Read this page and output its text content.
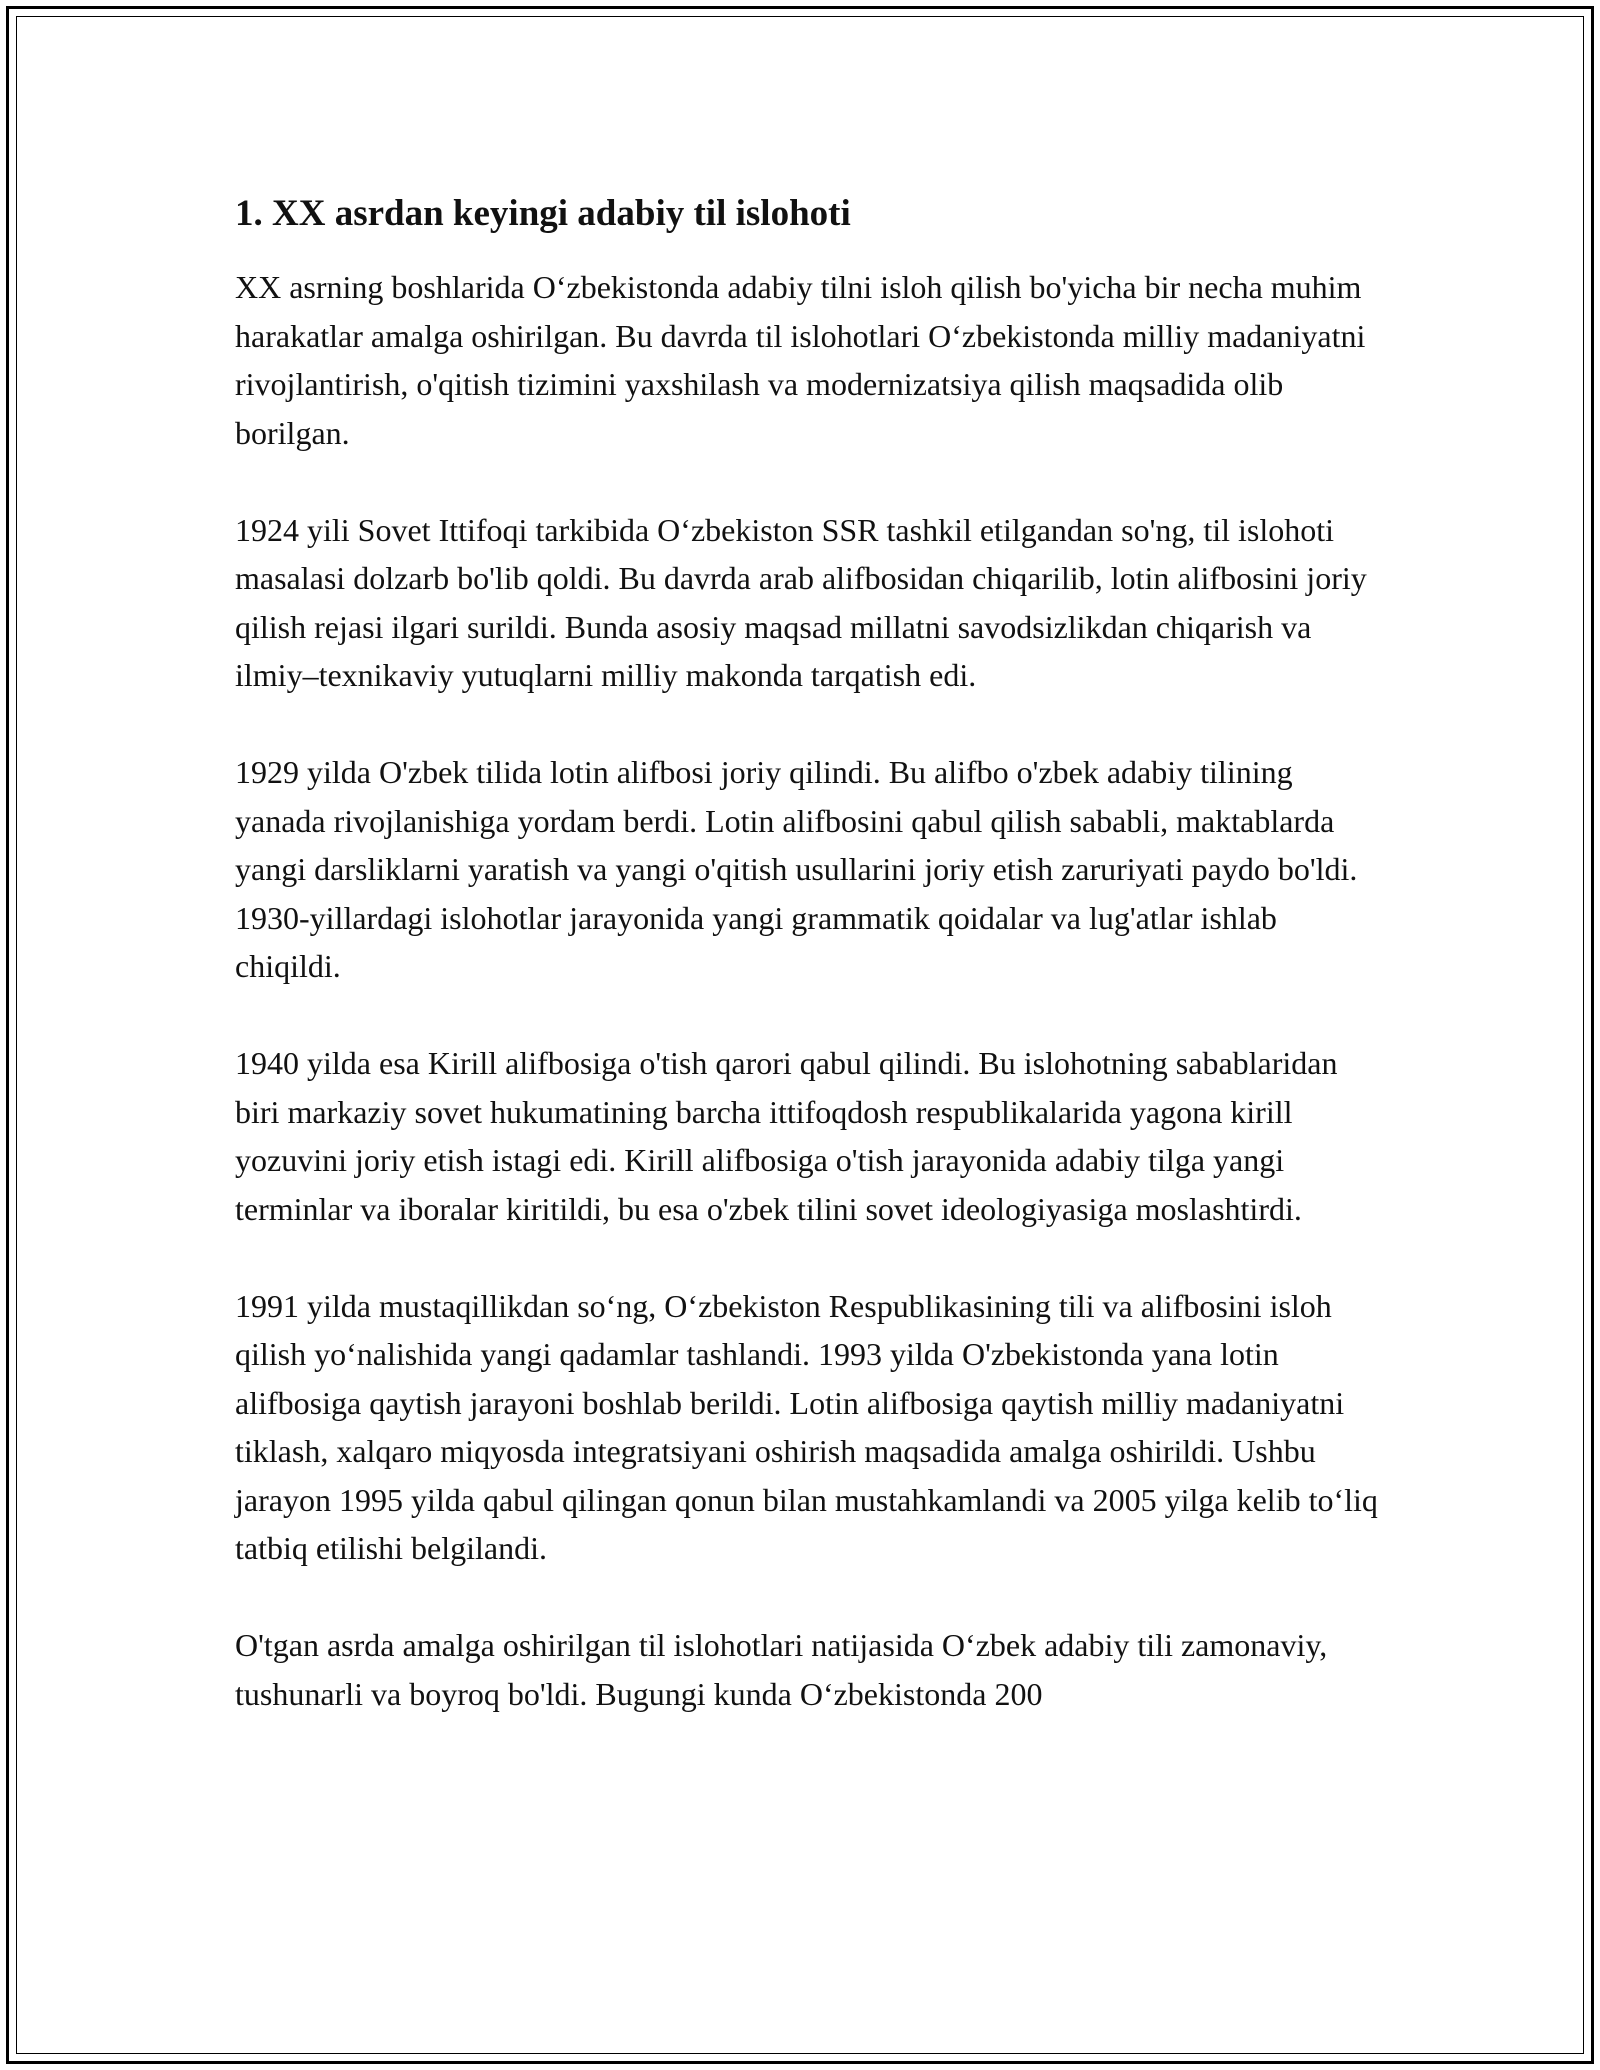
1. XX asrdan keyingi adabiy til islohoti

XX asrning boshlarida O‘zbekistonda adabiy tilni isloh qilish bo'yicha bir necha muhim harakatlar amalga oshirilgan. Bu davrda til islohotlari O‘zbekistonda milliy madaniyatni rivojlantirish, o'qitish tizimini yaxshilash va modernizatsiya qilish maqsadida olib borilgan.

1924 yili Sovet Ittifoqi tarkibida O‘zbekiston SSR tashkil etilgandan so'ng, til islohoti masalasi dolzarb bo'lib qoldi. Bu davrda arab alifbosidan chiqarilib, lotin alifbosini joriy qilish rejasi ilgari surildi. Bunda asosiy maqsad millatni savodsizlikdan chiqarish va ilmiy–texnikaviy yutuqlarni milliy makonda tarqatish edi.

1929 yilda O'zbek tilida lotin alifbosi joriy qilindi. Bu alifbo o'zbek adabiy tilining yanada rivojlanishiga yordam berdi. Lotin alifbosini qabul qilish sababli, maktablarda yangi darsliklarni yaratish va yangi o'qitish usullarini joriy etish zaruriyati paydo bo'ldi. 1930-yillardagi islohotlar jarayonida yangi grammatik qoidalar va lug'atlar ishlab chiqildi.

1940 yilda esa Kirill alifbosiga o'tish qarori qabul qilindi. Bu islohotning sabablaridan biri markaziy sovet hukumatining barcha ittifoqdosh respublikalarida yagona kirill yozuvini joriy etish istagi edi. Kirill alifbosiga o'tish jarayonida adabiy tilga yangi terminlar va iboralar kiritildi, bu esa o'zbek tilini sovet ideologiyasiga moslashtirdi.

1991 yilda mustaqillikdan so‘ng, O‘zbekiston Respublikasining tili va alifbosini isloh qilish yo‘nalishida yangi qadamlar tashlandi. 1993 yilda O'zbekistonda yana lotin alifbosiga qaytish jarayoni boshlab berildi. Lotin alifbosiga qaytish milliy madaniyatni tiklash, xalqaro miqyosda integratsiyani oshirish maqsadida amalga oshirildi. Ushbu jarayon 1995 yilda qabul qilingan qonun bilan mustahkamlandi va 2005 yilga kelib to‘liq tatbiq etilishi belgilandi.

O'tgan asrda amalga oshirilgan til islohotlari natijasida O‘zbek adabiy tili zamonaviy, tushunarli va boyroq bo'ldi. Bugungi kunda O‘zbekistonda 200
